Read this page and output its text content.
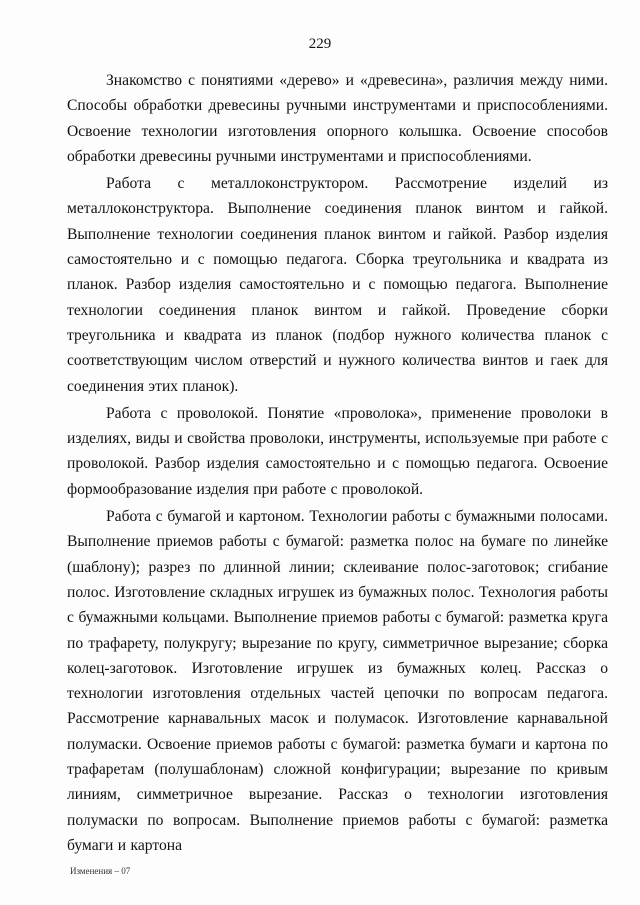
229

Знакомство с понятиями «дерево» и «древесина», различия между ними. Способы обработки древесины ручными инструментами и приспособлениями. Освоение технологии изготовления опорного колышка. Освоение способов обработки древесины ручными инструментами и приспособлениями.

Работа с металлоконструктором. Рассмотрение изделий из металлоконструктора. Выполнение соединения планок винтом и гайкой. Выполнение технологии соединения планок винтом и гайкой. Разбор изделия самостоятельно и с помощью педагога. Сборка треугольника и квадрата из планок. Разбор изделия самостоятельно и с помощью педагога. Выполнение технологии соединения планок винтом и гайкой. Проведение сборки треугольника и квадрата из планок (подбор нужного количества планок с соответствующим числом отверстий и нужного количества винтов и гаек для соединения этих планок).

Работа с проволокой. Понятие «проволока», применение проволоки в изделиях, виды и свойства проволоки, инструменты, используемые при работе с проволокой. Разбор изделия самостоятельно и с помощью педагога. Освоение формообразование изделия при работе с проволокой.

Работа с бумагой и картоном. Технологии работы с бумажными полосами. Выполнение приемов работы с бумагой: разметка полос на бумаге по линейке (шаблону); разрез по длинной линии; склеивание полос-заготовок; сгибание полос. Изготовление складных игрушек из бумажных полос. Технология работы с бумажными кольцами. Выполнение приемов работы с бумагой: разметка круга по трафарету, полукругу; вырезание по кругу, симметричное вырезание; сборка колец-заготовок. Изготовление игрушек из бумажных колец. Рассказ о технологии изготовления отдельных частей цепочки по вопросам педагога. Рассмотрение карнавальных масок и полумасок. Изготовление карнавальной полумаски. Освоение приемов работы с бумагой: разметка бумаги и картона по трафаретам (полушаблонам) сложной конфигурации; вырезание по кривым линиям, симметричное вырезание. Рассказ о технологии изготовления полумаски по вопросам. Выполнение приемов работы с бумагой: разметка бумаги и картона

Изменения – 07
